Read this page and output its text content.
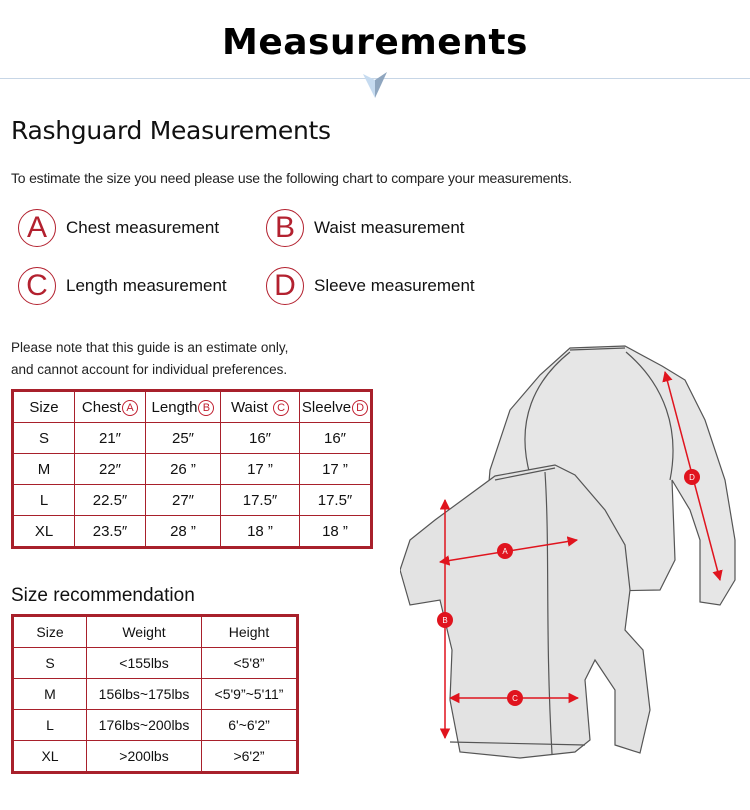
Measurements
Rashguard Measurements
To estimate the size you need please use the following chart to compare your measurements.
A	Chest measurement B	Waist measurement
C	Length measurement D	Sleeve measurement
Please note that this guide is an estimate only,
and cannot account for individual preferences.
Size	Chest A	Length B	Waist C	Sleelve D
S	21″	25″	16″	16″
M	22″	26 ”	17 ”	17 ”
L	22.5″	27″	17.5″	17.5″
XL	23.5″	28 ”	18 ”	18 ”
Size recommendation
Size	Weight	Height
S	<155lbs	<5'8”
M	156lbs~175lbs	<5'9”~5'11”
L	176lbs~200lbs	6'~6'2”
XL	>200lbs	>6'2”
A
B
C
D
